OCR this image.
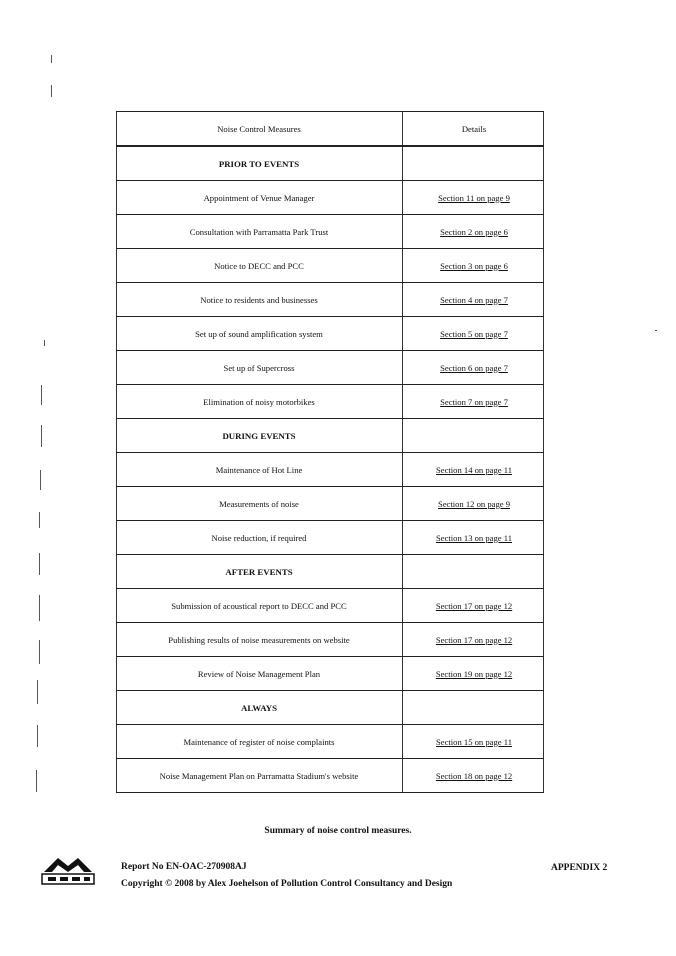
Noise Control Measures	Details
PRIOR TO EVENTS
Appointment of Venue Manager	Section 11 on page 9
Consultation with Parramatta Park Trust	Section 2 on page 6
Notice to DECC and PCC	Section 3 on page 6
Notice to residents and businesses	Section 4 on page 7
Set up of sound amplification system	Section 5 on page 7
Set up of Supercross	Section 6 on page 7
Elimination of noisy motorbikes	Section 7 on page 7
DURING EVENTS
Maintenance of Hot Line	Section 14 on page 11
Measurements of noise	Section 12 on page 9
Noise reduction, if required	Section 13 on page 11
AFTER EVENTS
Submission of acoustical report to DECC and PCC	Section 17 on page 12
Publishing results of noise measurements on website	Section 17 on page 12
Review of Noise Management Plan	Section 19 on page 12
ALWAYS
Maintenance of register of noise complaints	Section 15 on page 11
Noise Management Plan on Parramatta Stadium's website	Section 18 on page 12
Summary of noise control measures.
Report No EN-OAC-270908AJ
Copyright © 2008 by Alex Joehelson of Pollution Control Consultancy and Design
APPENDIX 2
